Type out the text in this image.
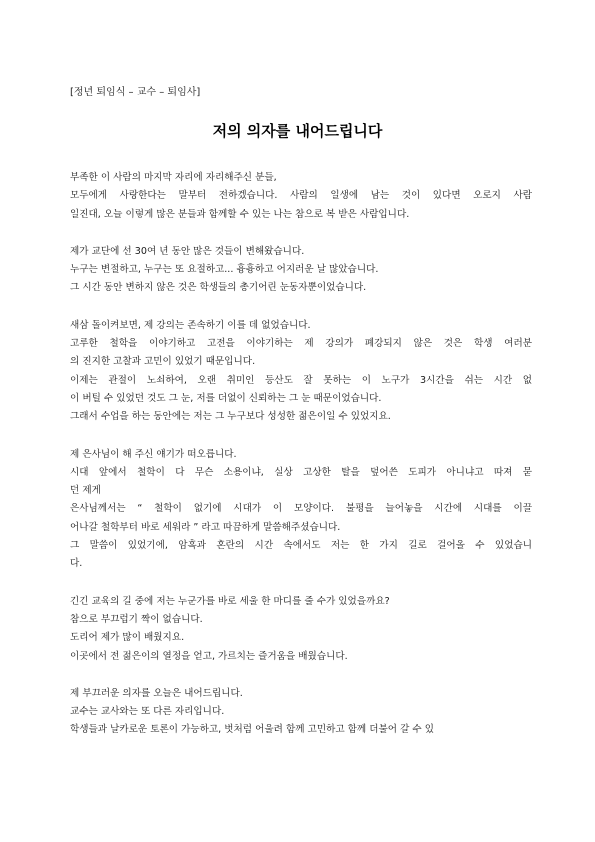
[정년 퇴임식 – 교수 – 퇴임사]
저의 의자를 내어드립니다
부족한 이 사람의 마지막 자리에 자리해주신 분들,
모두에게 사랑한다는 말부터 전하겠습니다. 사람의 일생에 남는 것이 있다면 오로지 사람
일진대, 오늘 이렇게 많은 분들과 함께할 수 있는 나는 참으로 복 받은 사람입니다.
제가 교단에 선 30여 년 동안 많은 것들이 변해왔습니다.
누구는 변절하고, 누구는 또 요절하고... 흉흉하고 어지러운 날 많았습니다.
그 시간 동안 변하지 않은 것은 학생들의 총기어린 눈동자뿐이었습니다.
새삼 돌이켜보면, 제 강의는 존속하기 이를 데 없었습니다.
고루한 철학을 이야기하고 고전을 이야기하는 제 강의가 폐강되지 않은 것은 학생 여러분
의 진지한 고찰과 고민이 있었기 때문입니다.
이제는 관절이 노쇠하여, 오랜 취미인 등산도 잘 못하는 이 노구가 3시간을 쉬는 시간 없
이 버틸 수 있었던 것도 그 눈, 저를 더없이 신뢰하는 그 눈 때문이었습니다.
그래서 수업을 하는 동안에는 저는 그 누구보다 성성한 젊은이일 수 있었지요.
제 은사님이 해 주신 얘기가 떠오릅니다.
시대 앞에서 철학이 다 무슨 소용이냐, 실상 고상한 탈을 덮어쓴 도피가 아니냐고 따져 묻
던 제게
은사님께서는 “ 철학이 없기에 시대가 이 모양이다. 불평을 늘어놓을 시간에 시대를 이끌
어나갈 철학부터 바로 세워라 ” 라고 따끔하게 말씀해주셨습니다.
그 말씀이 있었기에, 암흑과 혼란의 시간 속에서도 저는 한 가지 길로 걸어올 수 있었습니
다.
긴긴 교육의 길 중에 저는 누군가를 바로 세울 한 마디를 줄 수가 있었을까요?
참으로 부끄럽기 짝이 없습니다.
도리어 제가 많이 배웠지요.
이곳에서 전 젊은이의 열정을 얻고, 가르치는 즐거움을 배웠습니다.
제 부끄러운 의자를 오늘은 내어드립니다.
교수는 교사와는 또 다른 자리입니다.
학생들과 날카로운 토론이 가능하고, 벗처럼 어울려 함께 고민하고 함께 더불어 갈 수 있
